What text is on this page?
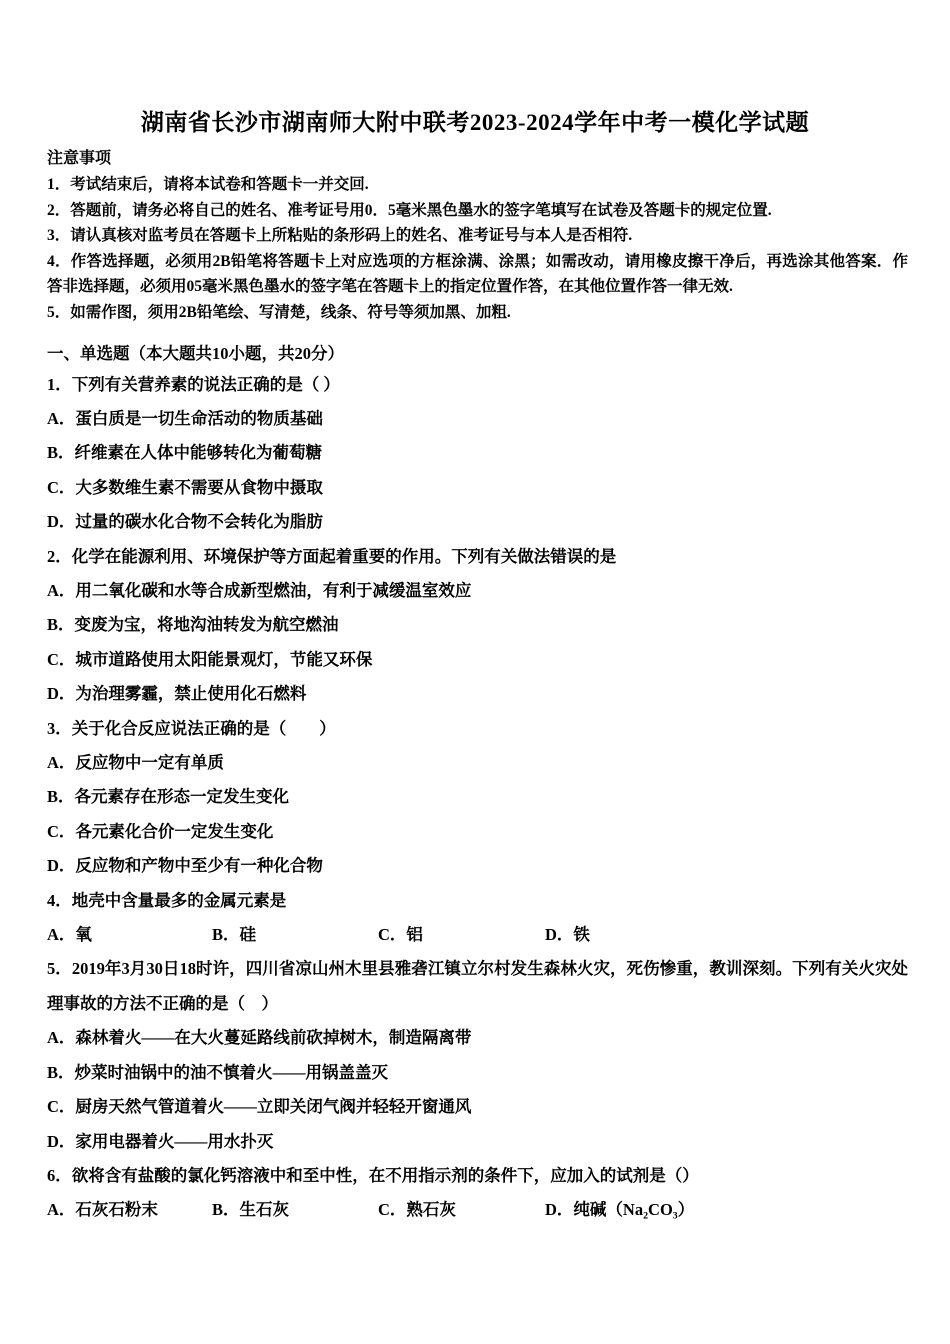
湖南省长沙市湖南师大附中联考2023-2024学年中考一模化学试题
注意事项

1．考试结束后，请将本试卷和答题卡一并交回.

2．答题前，请务必将自己的姓名、准考证号用0．5毫米黑色墨水的签字笔填写在试卷及答题卡的规定位置.

3．请认真核对监考员在答题卡上所粘贴的条形码上的姓名、准考证号与本人是否相符.

4．作答选择题，必须用2B铅笔将答题卡上对应选项的方框涂满、涂黑；如需改动，请用橡皮擦干净后，再选涂其他答案．作答非选择题，必须用05毫米黑色墨水的签字笔在答题卡上的指定位置作答，在其他位置作答一律无效.

5．如需作图，须用2B铅笔绘、写清楚，线条、符号等须加黑、加粗.

一、单选题（本大题共10小题，共20分）

1．下列有关营养素的说法正确的是（ ）

A．蛋白质是一切生命活动的物质基础

B．纤维素在人体中能够转化为葡萄糖

C．大多数维生素不需要从食物中摄取

D．过量的碳水化合物不会转化为脂肪

2．化学在能源利用、环境保护等方面起着重要的作用。下列有关做法错误的是

A．用二氧化碳和水等合成新型燃油，有利于减缓温室效应

B．变废为宝，将地沟油转发为航空燃油

C．城市道路使用太阳能景观灯，节能又环保

D．为治理雾霾，禁止使用化石燃料

3．关于化合反应说法正确的是（　　）

A．反应物中一定有单质

B．各元素存在形态一定发生变化

C．各元素化合价一定发生变化

D．反应物和产物中至少有一种化合物

4．地壳中含量最多的金属元素是

A．氧	B．硅	C．铝	D．铁

5．2019年3月30日18时许，四川省凉山州木里县雅砻江镇立尔村发生森林火灾，死伤惨重，教训深刻。下列有关火灾处理事故的方法不正确的是（　）

A．森林着火——在大火蔓延路线前砍掉树木，制造隔离带

B．炒菜时油锅中的油不慎着火——用锅盖盖灭

C．厨房天然气管道着火——立即关闭气阀并轻轻开窗通风

D．家用电器着火——用水扑灭

6．欲将含有盐酸的氯化钙溶液中和至中性，在不用指示剂的条件下，应加入的试剂是（）

A．石灰石粉末	B．生石灰	C．熟石灰	D．纯碱（Na₂CO₃）
